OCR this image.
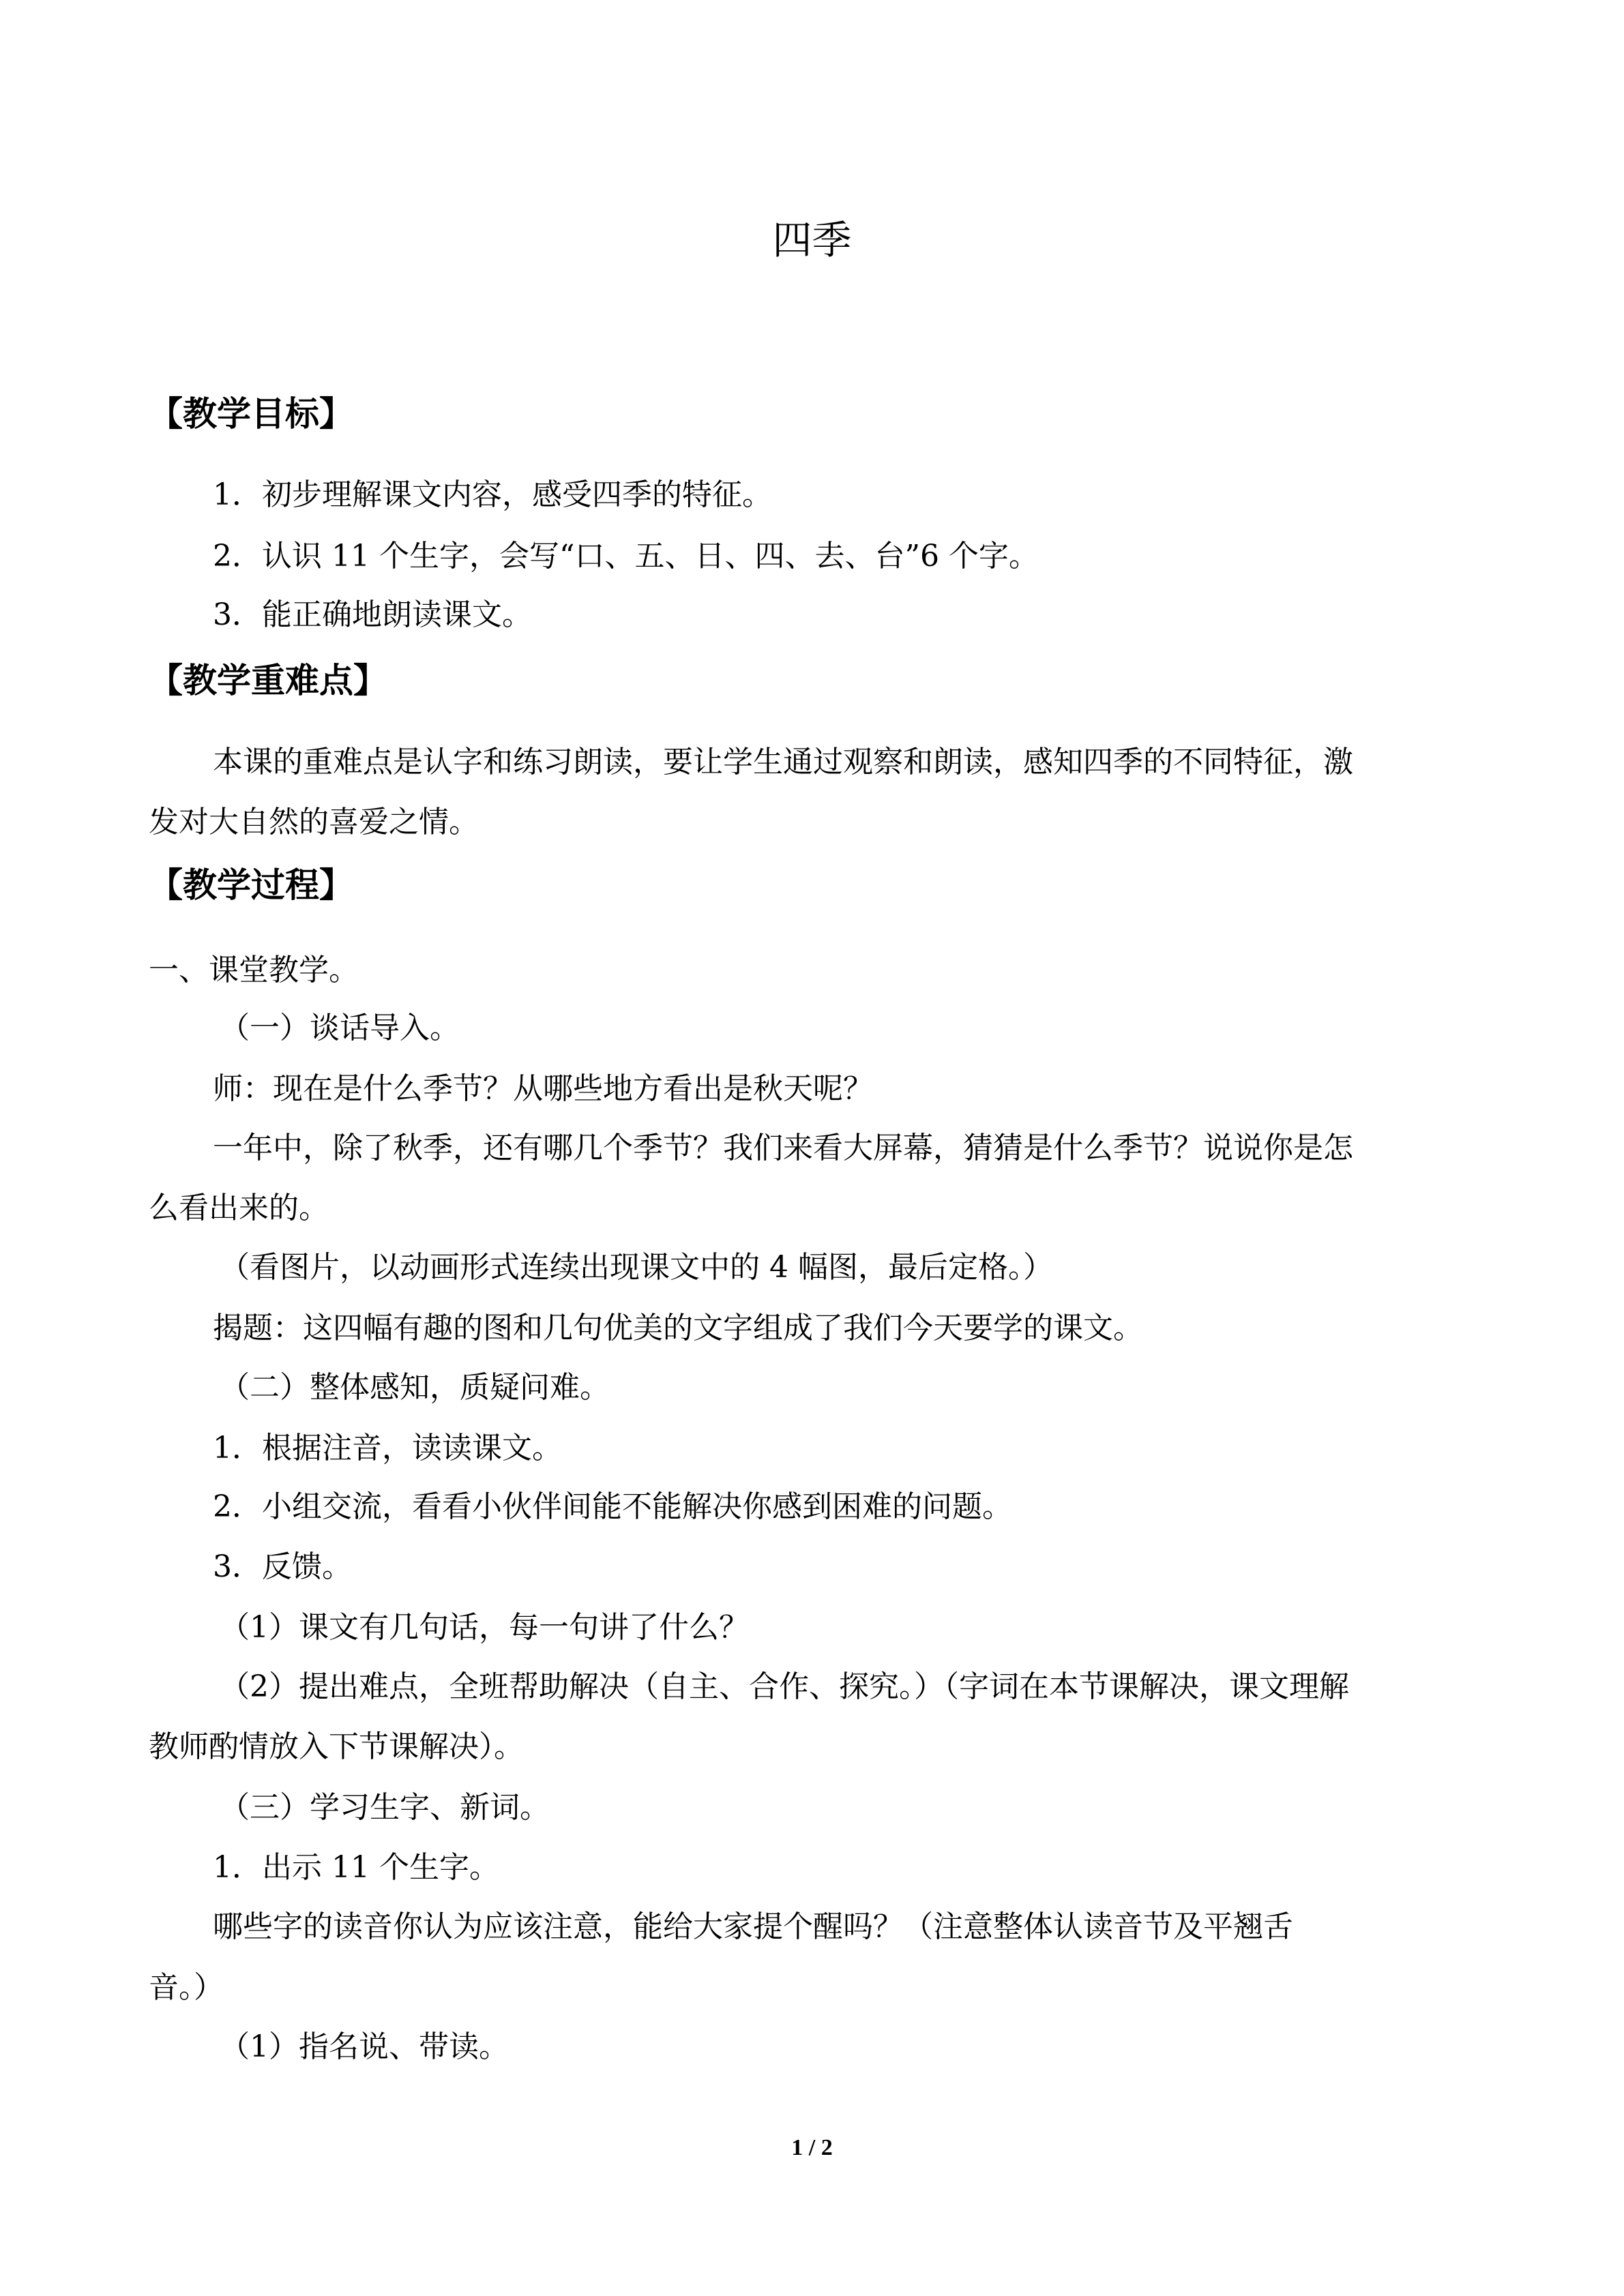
四季
【教学目标】
1．初步理解课文内容，感受四季的特征。
2．认识 11 个生字，会写“口、五、日、四、去、台”6 个字。
3．能正确地朗读课文。
【教学重难点】
本课的重难点是认字和练习朗读，要让学生通过观察和朗读，感知四季的不同特征，激
发对大自然的喜爱之情。
【教学过程】
一、课堂教学。
（一）谈话导入。
师：现在是什么季节？从哪些地方看出是秋天呢？
一年中，除了秋季，还有哪几个季节？我们来看大屏幕，猜猜是什么季节？说说你是怎
么看出来的。
（看图片，以动画形式连续出现课文中的 4 幅图，最后定格。）
揭题：这四幅有趣的图和几句优美的文字组成了我们今天要学的课文。
（二）整体感知，质疑问难。
1．根据注音，读读课文。
2．小组交流，看看小伙伴间能不能解决你感到困难的问题。
3．反馈。
（1）课文有几句话，每一句讲了什么？
（2）提出难点，全班帮助解决（自主、合作、探究。）（字词在本节课解决，课文理解
教师酌情放入下节课解决）。
（三）学习生字、新词。
1．出示 11 个生字。
哪些字的读音你认为应该注意，能给大家提个醒吗？（注意整体认读音节及平翘舌
音。）
（1）指名说、带读。
1 / 2
